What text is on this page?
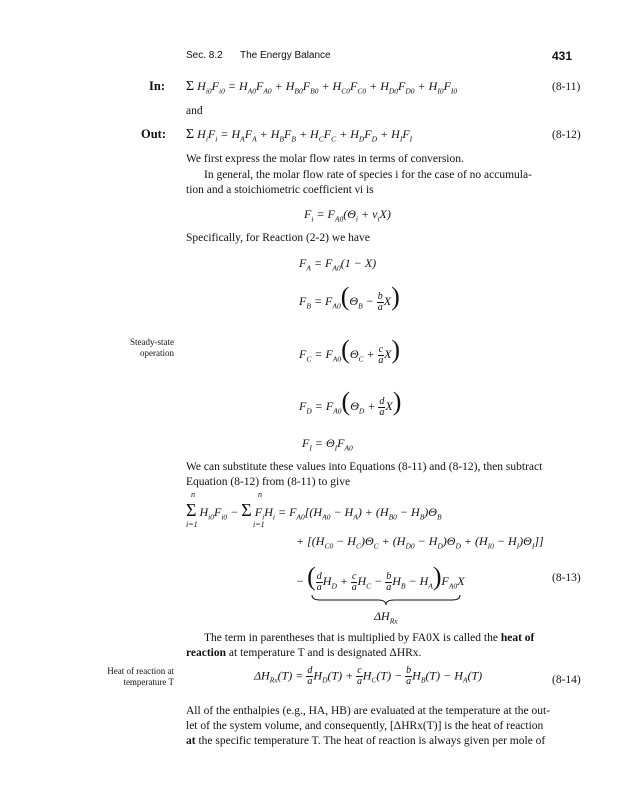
Sec. 8.2 The Energy Balance	431
In: Σ $H_{i0}F_{i0} = H_{A0}F_{A0} + H_{B0}F_{B0} + H_{C0}F_{C0} + H_{D0}F_{D0} + H_{I0}F_{I0}$	(8-11)
and
Out: Σ $H_iF_i = H_AF_A + H_BF_B + H_CF_C + H_DF_D + H_IF_I$	(8-12)
We first express the molar flow rates in terms of conversion.
In general, the molar flow rate of species i for the case of no accumula-
tion and a stoichiometric coefficient νi is
$F_i = F_{A0}(\Theta_i + \nu_iX)$
Specifically, for Reaction (2-2) we have
$F_A = F_{A0}(1 - X)$
$F_B = F_{A0}(\Theta_B - \frac{b}{a} X)$
$F_C = F_{A0}(\Theta_C + \frac{c}{a} X)$
$F_D = F_{A0}(\Theta_D + \frac{d}{a} X)$
$F_I = \Theta_IF_{A0}$
Steady-state
operation
We can substitute these values into Equations (8-11) and (8-12), then subtract
Equation (8-12) from (8-11) to give
n	n
Σ $H_{i0}F_{i0} - \Sigma$ $F_iH_i = F_{A0}[(H_{A0} - H_A) + (H_{B0} - H_B)\Theta_B$
i=1	i=1
+ $[(H_{C0} - H_C)\Theta_C + (H_{D0} - H_D)\Theta_D + (H_{I0} - H_I)\Theta_I]$]
− ( $\frac{d}{a} H_D + \frac{c}{a} H_C - \frac{b}{a} H_B - H_A)F_{A0}X$	(8-13)
$\Delta H_{Rx}$
The term in parentheses that is multiplied by FA0X is called the heat of
reaction at temperature T and is designated ΔHRx.
Heat of reaction at
temperature T	$\Delta H_{Rx}(T) = \frac{d}{a} H_D(T) + \frac{c}{a} H_C(T) - \frac{b}{a} H_B(T) - H_A(T)$	(8-14)
All of the enthalpies (e.g., HA, HB) are evaluated at the temperature at the out-
let of the system volume, and consequently, [ΔHRx(T)] is the heat of reaction
at the specific temperature T. The heat of reaction is always given per mole of
